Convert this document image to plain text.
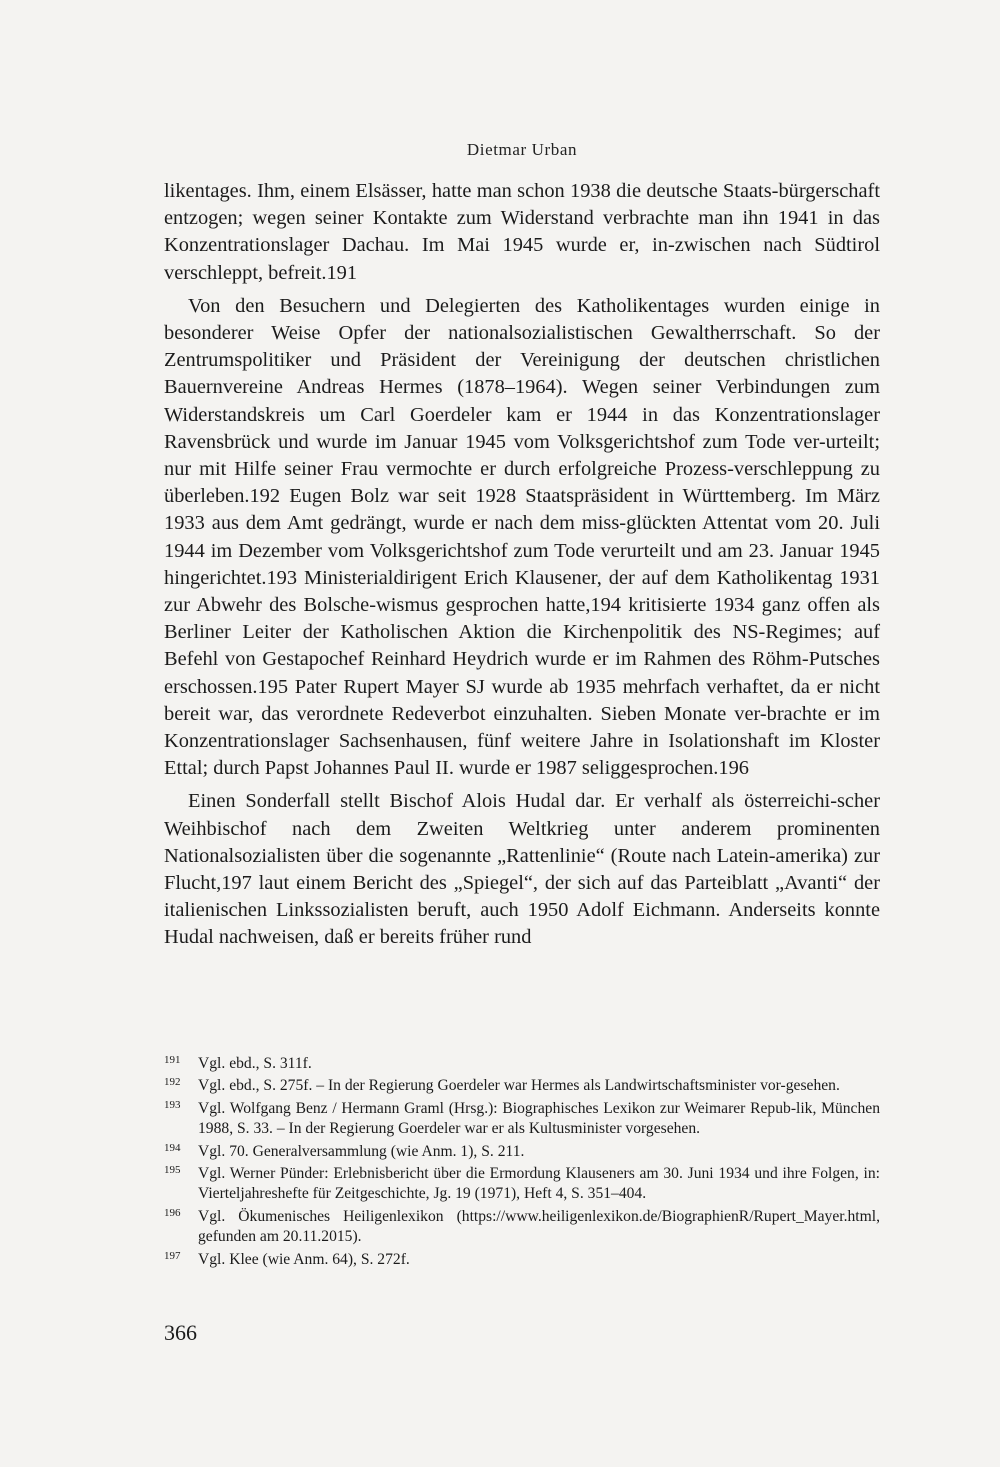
Dietmar Urban

likentages. Ihm, einem Elsässer, hatte man schon 1938 die deutsche Staats-bürgerschaft entzogen; wegen seiner Kontakte zum Widerstand verbrachte man ihn 1941 in das Konzentrationslager Dachau. Im Mai 1945 wurde er, in-zwischen nach Südtirol verschleppt, befreit.191

Von den Besuchern und Delegierten des Katholikentages wurden einige in besonderer Weise Opfer der nationalsozialistischen Gewaltherrschaft. So der Zentrumspolitiker und Präsident der Vereinigung der deutschen christlichen Bauernvereine Andreas Hermes (1878–1964). Wegen seiner Verbindungen zum Widerstandskreis um Carl Goerdeler kam er 1944 in das Konzentrationslager Ravensbrück und wurde im Januar 1945 vom Volksgerichtshof zum Tode ver-urteilt; nur mit Hilfe seiner Frau vermochte er durch erfolgreiche Prozess-verschleppung zu überleben.192 Eugen Bolz war seit 1928 Staatspräsident in Württemberg. Im März 1933 aus dem Amt gedrängt, wurde er nach dem miss-glückten Attentat vom 20. Juli 1944 im Dezember vom Volksgerichtshof zum Tode verurteilt und am 23. Januar 1945 hingerichtet.193 Ministerialdirigent Erich Klausener, der auf dem Katholikentag 1931 zur Abwehr des Bolsche-wismus gesprochen hatte,194 kritisierte 1934 ganz offen als Berliner Leiter der Katholischen Aktion die Kirchenpolitik des NS-Regimes; auf Befehl von Gestapochef Reinhard Heydrich wurde er im Rahmen des Röhm-Putsches erschossen.195 Pater Rupert Mayer SJ wurde ab 1935 mehrfach verhaftet, da er nicht bereit war, das verordnete Redeverbot einzuhalten. Sieben Monate ver-brachte er im Konzentrationslager Sachsenhausen, fünf weitere Jahre in Isolationshaft im Kloster Ettal; durch Papst Johannes Paul II. wurde er 1987 seliggesprochen.196

Einen Sonderfall stellt Bischof Alois Hudal dar. Er verhalf als österreichi-scher Weihbischof nach dem Zweiten Weltkrieg unter anderem prominenten Nationalsozialisten über die sogenannte „Rattenlinie“ (Route nach Latein-amerika) zur Flucht,197 laut einem Bericht des „Spiegel“, der sich auf das Parteiblatt „Avanti“ der italienischen Linkssozialisten beruft, auch 1950 Adolf Eichmann. Anderseits konnte Hudal nachweisen, daß er bereits früher rund

191	Vgl. ebd., S. 311f.
192	Vgl. ebd., S. 275f. – In der Regierung Goerdeler war Hermes als Landwirtschaftsminister vor-gesehen.
193	Vgl. Wolfgang Benz / Hermann Graml (Hrsg.): Biographisches Lexikon zur Weimarer Repub-lik, München 1988, S. 33. – In der Regierung Goerdeler war er als Kultusminister vorgesehen.
194	Vgl. 70. Generalversammlung (wie Anm. 1), S. 211.
195	Vgl. Werner Pünder: Erlebnisbericht über die Ermordung Klauseners am 30. Juni 1934 und ihre Folgen, in: Vierteljahreshefte für Zeitgeschichte, Jg. 19 (1971), Heft 4, S. 351–404.
196	Vgl. Ökumenisches Heiligenlexikon (https://www.heiligenlexikon.de/BiographienR/Rupert_Mayer.html, gefunden am 20.11.2015).
197	Vgl. Klee (wie Anm. 64), S. 272f.
366
